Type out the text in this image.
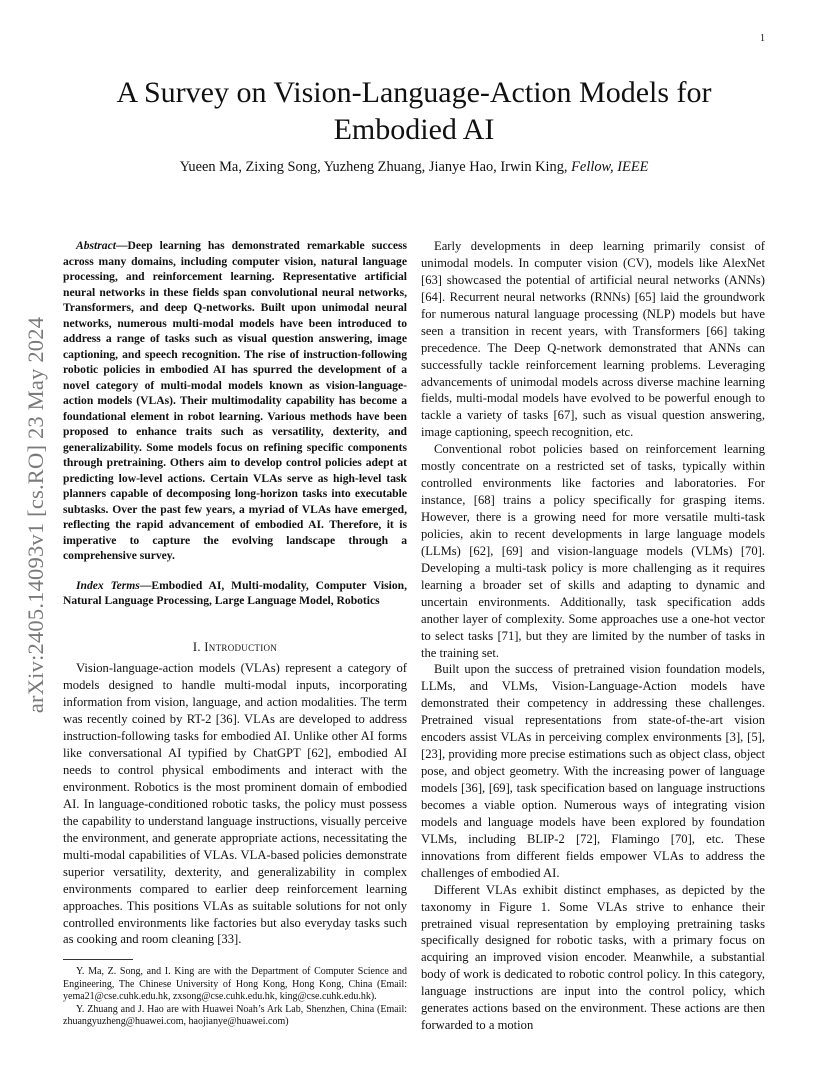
1
arXiv:2405.14093v1 [cs.RO] 23 May 2024
A Survey on Vision-Language-Action Models for Embodied AI
Yueen Ma, Zixing Song, Yuzheng Zhuang, Jianye Hao, Irwin King, Fellow, IEEE

Abstract—Deep learning has demonstrated remarkable success across many domains, including computer vision, natural language processing, and reinforcement learning. Representative artificial neural networks in these fields span convolutional neural networks, Transformers, and deep Q-networks. Built upon unimodal neural networks, numerous multi-modal models have been introduced to address a range of tasks such as visual question answering, image captioning, and speech recognition. The rise of instruction-following robotic policies in embodied AI has spurred the development of a novel category of multi-modal models known as vision-language-action models (VLAs). Their multimodality capability has become a foundational element in robot learning. Various methods have been proposed to enhance traits such as versatility, dexterity, and generalizability. Some models focus on refining specific components through pretraining. Others aim to develop control policies adept at predicting low-level actions. Certain VLAs serve as high-level task planners capable of decomposing long-horizon tasks into executable subtasks. Over the past few years, a myriad of VLAs have emerged, reflecting the rapid advancement of embodied AI. Therefore, it is imperative to capture the evolving landscape through a comprehensive survey.

Index Terms—Embodied AI, Multi-modality, Computer Vision, Natural Language Processing, Large Language Model, Robotics

I. Introduction

Vision-language-action models (VLAs) represent a category of models designed to handle multi-modal inputs, incorporating information from vision, language, and action modalities. The term was recently coined by RT-2 [36]. VLAs are developed to address instruction-following tasks for embodied AI. Unlike other AI forms like conversational AI typified by ChatGPT [62], embodied AI needs to control physical embodiments and interact with the environment. Robotics is the most prominent domain of embodied AI. In language-conditioned robotic tasks, the policy must possess the capability to understand language instructions, visually perceive the environment, and generate appropriate actions, necessitating the multi-modal capabilities of VLAs. VLA-based policies demonstrate superior versatility, dexterity, and generalizability in complex environments compared to earlier deep reinforcement learning approaches. This positions VLAs as suitable solutions for not only controlled environments like factories but also everyday tasks such as cooking and room cleaning [33].

Y. Ma, Z. Song, and I. King are with the Department of Computer Science and Engineering, The Chinese University of Hong Kong, Hong Kong, China (Email: yema21@cse.cuhk.edu.hk, zxsong@cse.cuhk.edu.hk, king@cse.cuhk.edu.hk).

Y. Zhuang and J. Hao are with Huawei Noah’s Ark Lab, Shenzhen, China (Email: zhuangyuzheng@huawei.com, haojianye@huawei.com)

Early developments in deep learning primarily consist of unimodal models. In computer vision (CV), models like AlexNet [63] showcased the potential of artificial neural networks (ANNs) [64]. Recurrent neural networks (RNNs) [65] laid the groundwork for numerous natural language processing (NLP) models but have seen a transition in recent years, with Transformers [66] taking precedence. The Deep Q-network demonstrated that ANNs can successfully tackle reinforcement learning problems. Leveraging advancements of unimodal models across diverse machine learning fields, multi-modal models have evolved to be powerful enough to tackle a variety of tasks [67], such as visual question answering, image captioning, speech recognition, etc.

Conventional robot policies based on reinforcement learning mostly concentrate on a restricted set of tasks, typically within controlled environments like factories and laboratories. For instance, [68] trains a policy specifically for grasping items. However, there is a growing need for more versatile multi-task policies, akin to recent developments in large language models (LLMs) [62], [69] and vision-language models (VLMs) [70]. Developing a multi-task policy is more challenging as it requires learning a broader set of skills and adapting to dynamic and uncertain environments. Additionally, task specification adds another layer of complexity. Some approaches use a one-hot vector to select tasks [71], but they are limited by the number of tasks in the training set.

Built upon the success of pretrained vision foundation models, LLMs, and VLMs, Vision-Language-Action models have demonstrated their competency in addressing these challenges. Pretrained visual representations from state-of-the-art vision encoders assist VLAs in perceiving complex environments [3], [5], [23], providing more precise estimations such as object class, object pose, and object geometry. With the increasing power of language models [36], [69], task specification based on language instructions becomes a viable option. Numerous ways of integrating vision models and language models have been explored by foundation VLMs, including BLIP-2 [72], Flamingo [70], etc. These innovations from different fields empower VLAs to address the challenges of embodied AI.

Different VLAs exhibit distinct emphases, as depicted by the taxonomy in Figure 1. Some VLAs strive to enhance their pretrained visual representation by employing pretraining tasks specifically designed for robotic tasks, with a primary focus on acquiring an improved vision encoder. Meanwhile, a substantial body of work is dedicated to robotic control policy. In this category, language instructions are input into the control policy, which generates actions based on the environment. These actions are then forwarded to a motion
